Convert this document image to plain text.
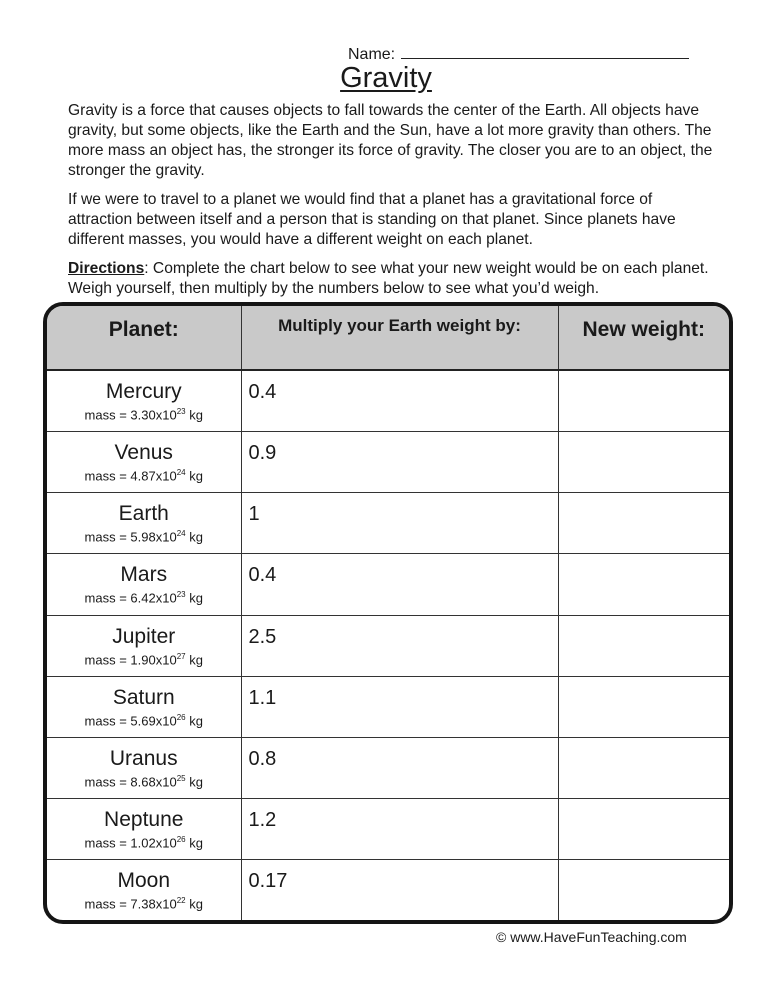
Name:
Gravity

Gravity is a force that causes objects to fall towards the center of the Earth. All objects have gravity, but some objects, like the Earth and the Sun, have a lot more gravity than others. The more mass an object has, the stronger its force of gravity. The closer you are to an object, the stronger the gravity.

If we were to travel to a planet we would find that a planet has a gravitational force of attraction between itself and a person that is standing on that planet. Since planets have different masses, you would have a different weight on each planet.

Directions: Complete the chart below to see what your new weight would be on each planet. Weigh yourself, then multiply by the numbers below to see what you’d weigh.

Planet:	Multiply your Earth weight by:	New weight:

Mercury
mass = $3.30x10^{23}$ kg	0.4	

Venus
mass = $4.87x10^{24}$ kg	0.9	

Earth
mass = $5.98x10^{24}$ kg	1	

Mars
mass = $6.42x10^{23}$ kg	0.4	

Jupiter
mass = $1.90x10^{27}$ kg	2.5	

Saturn
mass = $5.69x10^{26}$ kg	1.1	

Uranus
mass = $8.68x10^{25}$ kg	0.8	

Neptune
mass = $1.02x10^{26}$ kg	1.2	

Moon
mass = $7.38x10^{22}$ kg	0.17	

© www.HaveFunTeaching.com
